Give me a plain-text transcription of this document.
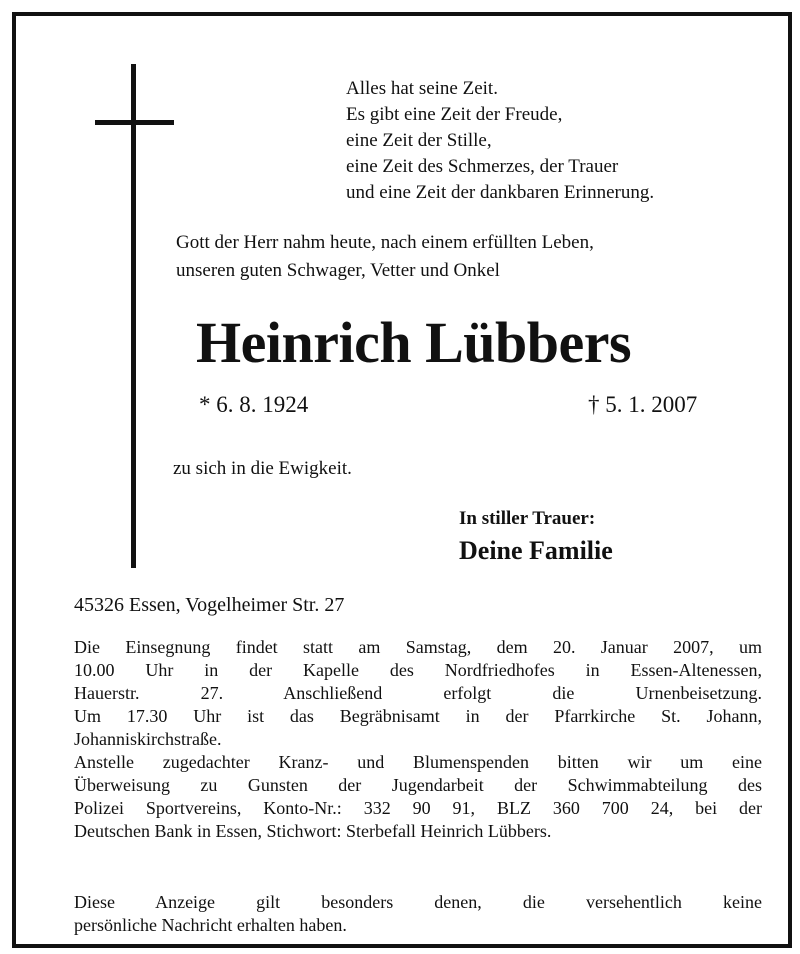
Alles hat seine Zeit.
Es gibt eine Zeit der Freude,
eine Zeit der Stille,
eine Zeit des Schmerzes, der Trauer
und eine Zeit der dankbaren Erinnerung.
Gott der Herr nahm heute, nach einem erfüllten Leben,
unseren guten Schwager, Vetter und Onkel
Heinrich Lübbers
* 6. 8. 1924	† 5. 1. 2007
zu sich in die Ewigkeit.
In stiller Trauer:
Deine Familie
45326 Essen, Vogelheimer Str. 27
Die Einsegnung findet statt am Samstag, dem 20. Januar 2007, um
10.00 Uhr in der Kapelle des Nordfriedhofes in Essen-Altenessen,
Hauerstr. 27. Anschließend erfolgt die Urnenbeisetzung.
Um 17.30 Uhr ist das Begräbnisamt in der Pfarrkirche St. Johann,
Johanniskirchstraße.
Anstelle zugedachter Kranz- und Blumenspenden bitten wir um eine
Überweisung zu Gunsten der Jugendarbeit der Schwimmabteilung des
Polizei Sportvereins, Konto-Nr.: 332 90 91, BLZ 360 700 24, bei der
Deutschen Bank in Essen, Stichwort: Sterbefall Heinrich Lübbers.
Diese Anzeige gilt besonders denen, die versehentlich keine
persönliche Nachricht erhalten haben.
